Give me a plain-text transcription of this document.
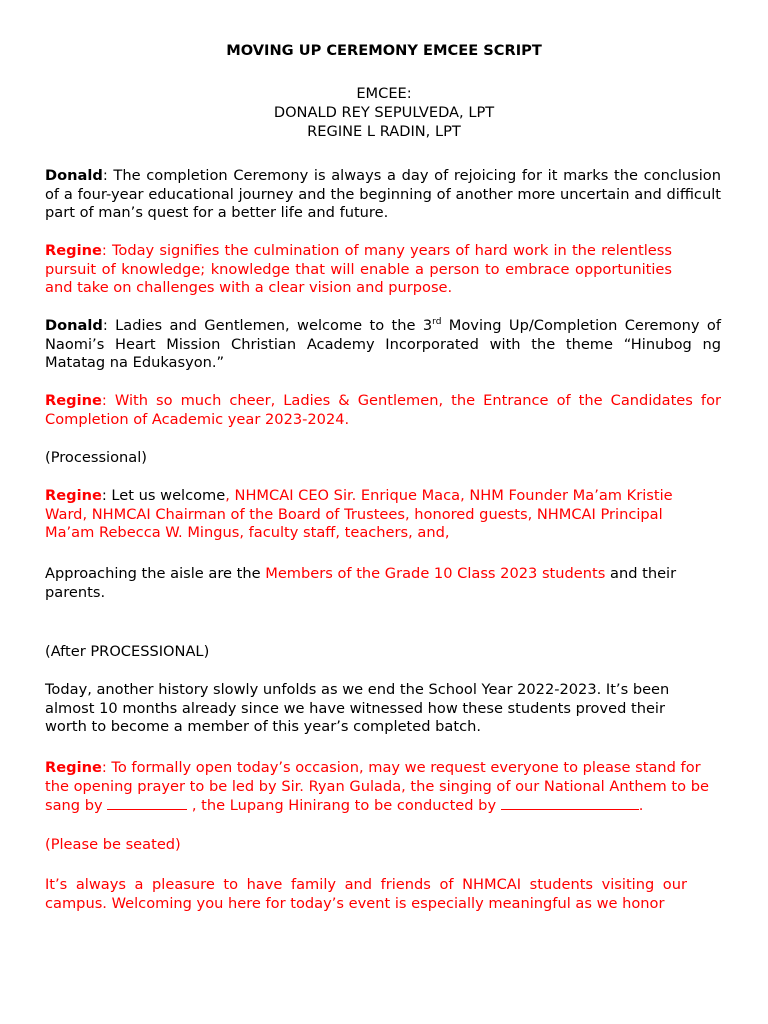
MOVING UP CEREMONY EMCEE SCRIPT
EMCEE:
DONALD REY SEPULVEDA, LPT
REGINE L RADIN, LPT

Donald: The completion Ceremony is always a day of rejoicing for it marks the conclusion of a four-year educational journey and the beginning of another more uncertain and difficult part of man’s quest for a better life and future.

Regine: Today signifies the culmination of many years of hard work in the relentless pursuit of knowledge; knowledge that will enable a person to embrace opportunities and take on challenges with a clear vision and purpose.

Donald: Ladies and Gentlemen, welcome to the 3rd Moving Up/Completion Ceremony of Naomi’s Heart Mission Christian Academy Incorporated with the theme “Hinubog ng Matatag na Edukasyon.”

Regine: With so much cheer, Ladies & Gentlemen, the Entrance of the Candidates for Completion of Academic year 2023-2024.

(Processional)

Regine: Let us welcome, NHMCAI CEO Sir. Enrique Maca, NHM Founder Ma’am Kristie Ward, NHMCAI Chairman of the Board of Trustees, honored guests, NHMCAI Principal Ma’am Rebecca W. Mingus, faculty staff, teachers, and,

Approaching the aisle are the Members of the Grade 10 Class 2023 students and their parents.

(After PROCESSIONAL)

Today, another history slowly unfolds as we end the School Year 2022-2023. It’s been almost 10 months already since we have witnessed how these students proved their worth to become a member of this year’s completed batch.

Regine: To formally open today’s occasion, may we request everyone to please stand for the opening prayer to be led by Sir. Ryan Gulada, the singing of our National Anthem to be sang by	, the Lupang Hinirang to be conducted by	.

(Please be seated)

It’s always a pleasure to have family and friends of NHMCAI students visiting our campus. Welcoming you here for today’s event is especially meaningful as we honor
